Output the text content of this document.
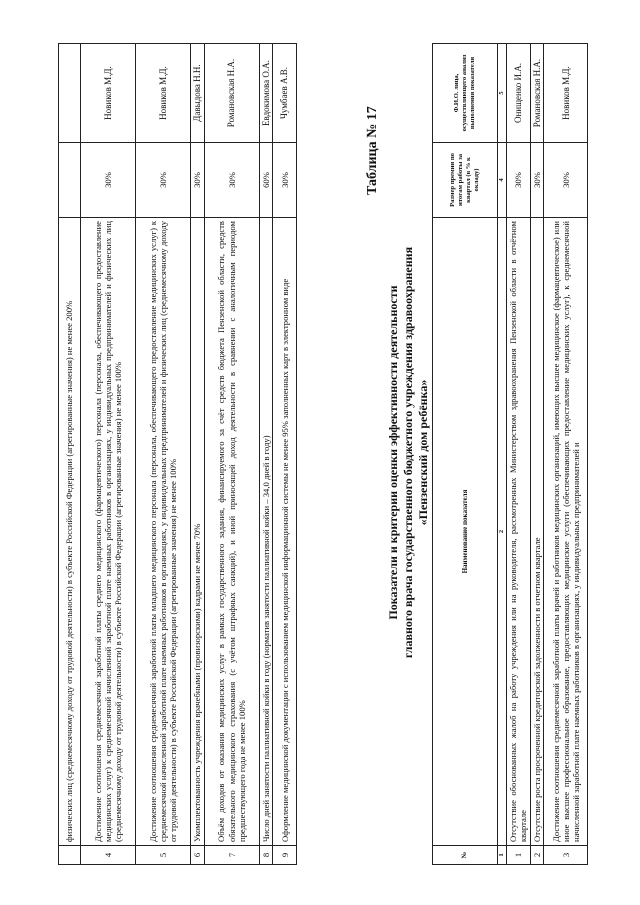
	физических лиц (среднемесячному доходу от трудовой деятельности) в субъекте Российской Федерации (агрегированные значения) не менее 200%		
4	Достижение соотношения среднемесячной заработной платы среднего медицинского (фармацевтического) персонала (персонала, обеспечивающего предоставление медицинских услуг) к среднемесячной начисленной заработной плате наемных работников в организациях, у индивидуальных предпринимателей и физических лиц (среднемесячному доходу от трудовой деятельности) в субъекте Российской Федерации (агрегированные значения) не менее 100%	30%	Новиков М.Д.
5	Достижение соотношения среднемесячной заработной платы младшего медицинского персонала (персонала, обеспечивающего предоставление медицинских услуг) к среднемесячной начисленной заработной плате наемных работников в организациях, у индивидуальных предпринимателей и физических лиц (среднемесячному доходу от трудовой деятельности) в субъекте Российской Федерации (агрегированные значения) не менее 100%	30%	Новиков М.Д.
6	Укомплектованность учреждения врачебными (провизорскими) кадрами не менее 70%	30%	Давыдова Н.Н.
7	Объём доходов от оказания медицинских услуг в рамках государственного задания, финансируемого за счёт средств бюджета Пензенской области, средств обязательного медицинского страхования (с учётом штрафных санкций), и иной приносящей доход деятельности в сравнении с аналогичным периодом предшествующего года не менее 100%	30%	Романовская Н.А.
8	Число дней занятости паллиативной койки в году (норматив занятости паллиативной койки – 34,0 дней в году)	60%	Евдокимова О.А.
9	Оформление медицинской документации с использованием медицинской информационной системы не менее 95% заполненных карт в электронном виде	30%	Чумбаев А.В.
Таблица № 17
Показатели и критерии оценки эффективности деятельности главного врача государственного бюджетного учреждения здравоохранения «Пензенский дом ребёнка»
№	Наименование показателя	Размер премии по итогам работы за квартал (в % к окладу)	Ф.И.О. лица, осуществляющего анализ выполнения показателя
1	2	4	5
1	Отсутствие обоснованных жалоб на работу учреждения или на руководителя, рассмотренных Министерством здравоохранения Пензенской области в отчётном квартале	30%	Онищенко И.А.
2	Отсутствие роста просроченной кредиторской задолженности в отчетном квартале	30%	Романовская Н.А.
3	Достижение соотношения среднемесячной заработной платы врачей и работников медицинских организаций, имеющих высшее медицинское (фармацевтическое) или иное высшее профессиональное образование, предоставляющих медицинские услуги (обеспечивающих предоставление медицинских услуг), к среднемесячной начисленной заработной плате наемных работников в организациях, у индивидуальных предпринимателей и	30%	Новиков М.Д.
